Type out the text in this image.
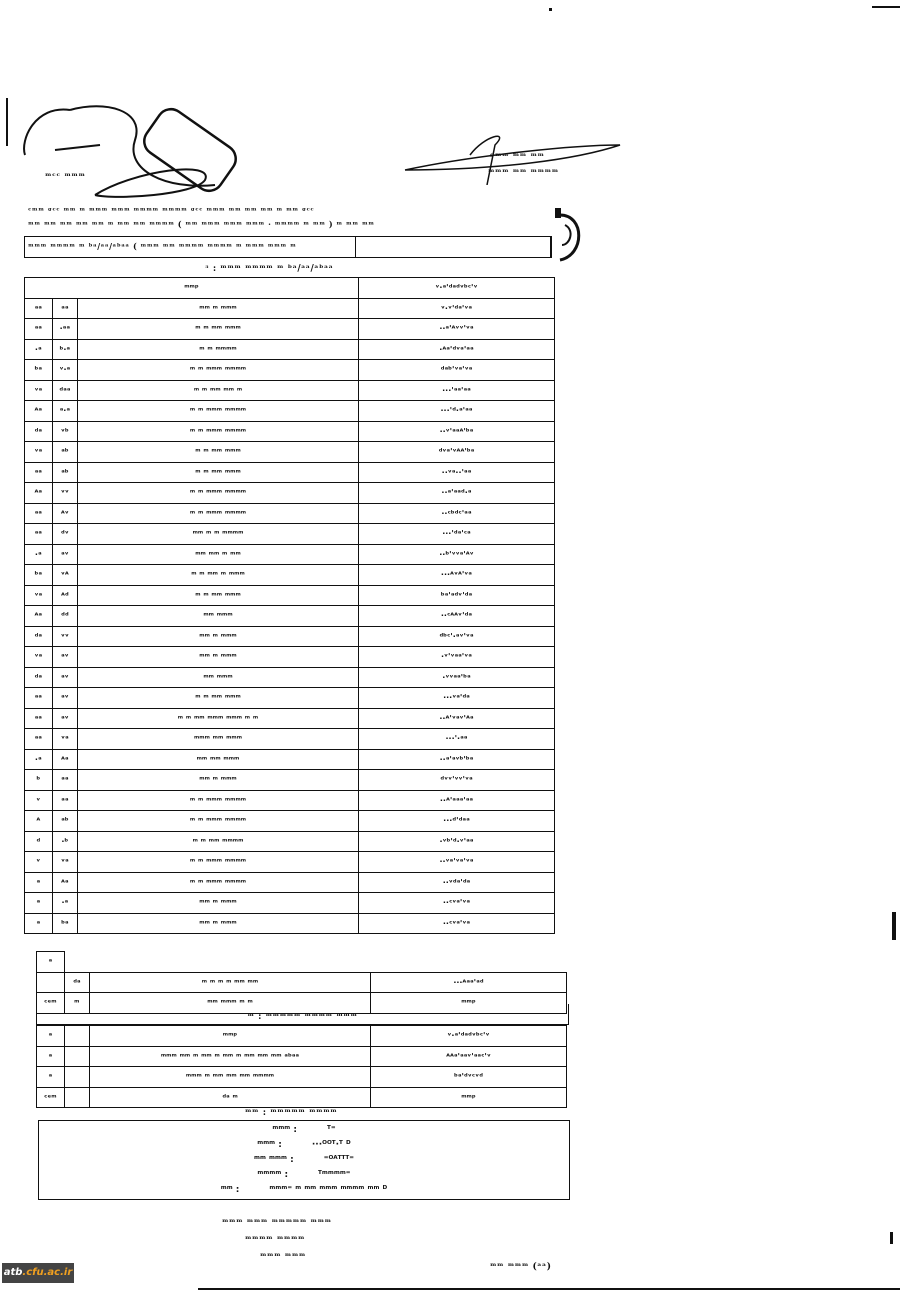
ᵐᶜᶜ ᵐᵐᵐ
ᵍᵐᵐ ᵐᵐ ᵐᵐ
ᵐᵐᵐ ᵐᵐ ᵐᵐᵐᵐ
ᶜᵐᵐ ᵍᶜᶜ ᵐᵐ ᵐ ᵐᵐᵐ ᵐᵐᵐ ᵐᵐᵐᵐ ᵐᵐᵐᵐ ᵍᶜᶜ ᵐᵐᵐ ᵐᵐ ᵐᵐ ᵐᵐ ᵐ ᵐᵐ ᵍᶜᶜ
ᵐᵐ ᵐᵐ ᵐᵐ ᵐᵐ ᵐᵐ ᵐ ᵐᵐ ᵐᵐ ᵐᵐᵐᵐ ( ᵐᵐ ᵐᵐᵐ ᵐᵐᵐ ᵐᵐᵐ · ᵐᵐᵐᵐ ᵐ ᵐᵐ ) ᵐ ᵐᵐ ᵐᵐ
ᵐᵐᵐ ᵐᵐᵐᵐ ᵐ ᵇᵃ/ᵃᵃ/ᵃᵇᵃᵃ ( ᵐᵐᵐ ᵐᵐ ᵐᵐᵐᵐ ᵐᵐᵐᵐ ᵐ ᵐᵐᵐ ᵐᵐᵐ ᵐ
ᵌ : ᵐᵐᵐ ᵐᵐᵐᵐ ᵐ ᵇᵃ/ᵃᵃ/ᵃᵇᵃᵃ
ᵐᵐᵖ			ᵛ·ᵃ'ᵈᵃᵈᵛᵇᶜ'ᵛ
ᵃᵃ	ᵃᵃ	ᵐᵐ ᵐ ᵐᵐᵐ	ᵛ·ᵛ'ᵈᵃ'ᵛᵃ
ᵃᵃ	·ᵃᵃ	ᵐ ᵐ ᵐᵐ ᵐᵐᵐ	··ᵃ'ᴬᵛᵛ'ᵛᵃ
·ᵃ	ᵇ·ᵃ	ᵐ ᵐ ᵐᵐᵐᵐ	·ᴬᵃ'ᵈᵛᵃ'ᵃᵃ
ᵇᵃ	ᵛ·ᵃ	ᵐ ᵐ ᵐᵐᵐ ᵐᵐᵐᵐ	ᵈᵃᵇ'ᵛᵃ'ᵛᵃ
ᵛᵃ	ᵈᵃᵃ	ᵐ ᵐ ᵐᵐ ᵐᵐ ᵐ	···'ᵃᵃ'ᵃᵃ
ᴬᵃ	ᵃ·ᵃ	ᵐ ᵐ ᵐᵐᵐ ᵐᵐᵐᵐ	···'ᵈ·ᵃ'ᵃᵃ
ᵈᵃ	ᵛᵇ	ᵐ ᵐ ᵐᵐᵐ ᵐᵐᵐᵐ	··ᵛ'ᵃᵃᴬ'ᵇᵃ
ᵛᵃ	ᵃᵇ	ᵐ ᵐ ᵐᵐ ᵐᵐᵐ	ᵈᵛᵃ'ᵛᴬᴬ'ᵇᵃ
ᵃᵃ	ᵃᵇ	ᵐ ᵐ ᵐᵐ ᵐᵐᵐ	··ᵛᵃ··'ᵃᵃ
ᴬᵃ	ᵛᵛ	ᵐ ᵐ ᵐᵐᵐ ᵐᵐᵐᵐ	··ᵃ'ᵃᵃᵈ·ᵃ
ᵃᵃ	ᴬᵛ	ᵐ ᵐ ᵐᵐᵐ ᵐᵐᵐᵐ	··ᶜᵇᵈᶜ'ᵃᵃ
ᵃᵃ	ᵈᵛ	ᵐᵐ ᵐ ᵐ ᵐᵐᵐᵐ	···'ᵈᵃ'ᶜᵃ
·ᵃ	ᵃᵛ	ᵐᵐ ᵐᵐ ᵐ ᵐᵐ	··ᵇ'ᵛᵛᵃ'ᴬᵛ
ᵇᵃ	ᵛᴬ	ᵐ ᵐ ᵐᵐ ᵐ ᵐᵐᵐ	···ᴬᵛᴬ'ᵛᵃ
ᵛᵃ	ᴬᵈ	ᵐ ᵐ ᵐᵐ ᵐᵐᵐ	ᵇᵃ'ᵃᵈᵛ'ᵈᵃ
ᴬᵃ	ᵈᵈ	ᵐᵐ ᵐᵐᵐ	··ᶜᴬᴬᵛ'ᵈᵃ
ᵈᵃ	ᵛᵛ	ᵐᵐ ᵐ ᵐᵐᵐ	ᵈᵇᶜ'·ᵃᵛ'ᵛᵃ
ᵛᵃ	ᵃᵛ	ᵐᵐ ᵐ ᵐᵐᵐ	·ᵛ'ᵛᵃᵃ'ᵛᵃ
ᵈᵃ	ᵃᵛ	ᵐᵐ ᵐᵐᵐ	·ᵛᵛᵃᵃ'ᵇᵃ
ᵃᵃ	ᵃᵛ	ᵐ ᵐ ᵐᵐ ᵐᵐᵐ	···ᵛᵃ'ᵈᵃ
ᵃᵃ	ᵃᵛ	ᵐ ᵐ ᵐᵐ ᵐᵐᵐ ᵐᵐᵐ ᵐ ᵐ	··ᴬ'ᵛᵃᵛ'ᴬᵃ
ᵃᵃ	ᵛᵃ	ᵐᵐᵐ ᵐᵐ ᵐᵐᵐ	···'·ᵃᵃ
·ᵃ	ᴬᵃ	ᵐᵐ ᵐᵐ ᵐᵐᵐ	··ᵃ'ᵃᵛᵇ'ᵇᵃ
ᵇ	ᵃᵃ	ᵐᵐ ᵐ ᵐᵐᵐ	ᵈᵛᵛ'ᵛᵛ'ᵛᵃ
ᵛ	ᵃᵃ	ᵐ ᵐ ᵐᵐᵐ ᵐᵐᵐᵐ	··ᴬ'ᵃᵃᵃ'ᵃᵃ
ᴬ	ᵃᵇ	ᵐ ᵐ ᵐᵐᵐ ᵐᵐᵐᵐ	···ᵈ'ᵈᵃᵃ
ᵈ	·ᵇ	ᵐ ᵐ ᵐᵐ ᵐᵐᵐᵐ	·ᵛᵇ'ᵈ·ᵛ'ᵃᵃ
ᵛ	ᵛᵃ	ᵐ ᵐ ᵐᵐᵐ ᵐᵐᵐᵐ	··ᵛᵃ'ᵛᵃ'ᵛᵃ
ᵃ	ᴬᵃ	ᵐ ᵐ ᵐᵐᵐ ᵐᵐᵐᵐ	··ᵛᵈᵃ'ᵈᵃ
ᵃ	·ᵃ	ᵐᵐ ᵐ ᵐᵐᵐ	··ᶜᵛᵃ'ᵛᵃ
ᵃ	ᵇᵃ	ᵐᵐ ᵐ ᵐᵐᵐ	··ᶜᵛᵃ'ᵛᵃ
ᵃ			
	ᵈᵃ	ᵐ ᵐ ᵐ ᵐ ᵐᵐ ᵐᵐ	···ᴬᵃᵃ'ᵃᵈ
ᶜᵉᵐ	ᵐ	ᵐᵐ ᵐᵐᵐ ᵐ ᵐ	ᵐᵐᵖ
ᵐ : ᵐᵐᵐᵐᵐ ᵐᵐᵐᵐ ᵐᵐᵐ
ᵃ		ᵐᵐᵖ	ᵛ·ᵃ'ᵈᵃᵈᵛᵇᶜ'ᵛ
ᵃ		ᵐᵐᵐ ᵐᵐ ᵐ ᵐᵐ ᵐ ᵐᵐ ᵐ ᵐᵐ ᵐᵐ ᵐᵐ ᵃᵇᵃᵃ	ᴬᴬᵃ'ᵃᵃᵛ'ᵃᵃᶜ'ᵛ
ᵃ		ᵐᵐᵐ ᵐ ᵐᵐ ᵐᵐ ᵐᵐ ᵐᵐᵐᵐ	ᵇᵃ'ᵈᵛᶜᵛᵈ
ᶜᵉᵐ		ᵈᵃ ᵐ	ᵐᵐᵖ
ᵐᵐ : ᵐᵐᵐᵐᵐ ᵐᵐᵐᵐ
ᵐᵐᵐ :	ᵀ⁼
ᵐᵐᵐ :	···ᴼᴼᵀ·ᵀ ᴰ
ᵐᵐ ᵐᵐᵐ :	⁼ᴼᴬᵀᵀᵀ⁼
ᵐᵐᵐᵐ :	ᵀᵐᵐᵐᵐ⁼
ᵐᵐ :	ᵐᵐᵐ⁼ ᵐ ᵐᵐ ᵐᵐᵐ ᵐᵐᵐᵐ ᵐᵐ ᴰ
ᵐᵐᵐ ᵐᵐᵐ ᵐᵐᵐᵐᵐ ᵐᵐᵐ
ᵐᵐᵐᵐ ᵐᵐᵐᵐ
ᵐᵐᵐ ᵐᵐᵐ
ᵐᵐ ᵐᵐᵐ (ᵃᵃ)
atb.cfu.ac.ir
